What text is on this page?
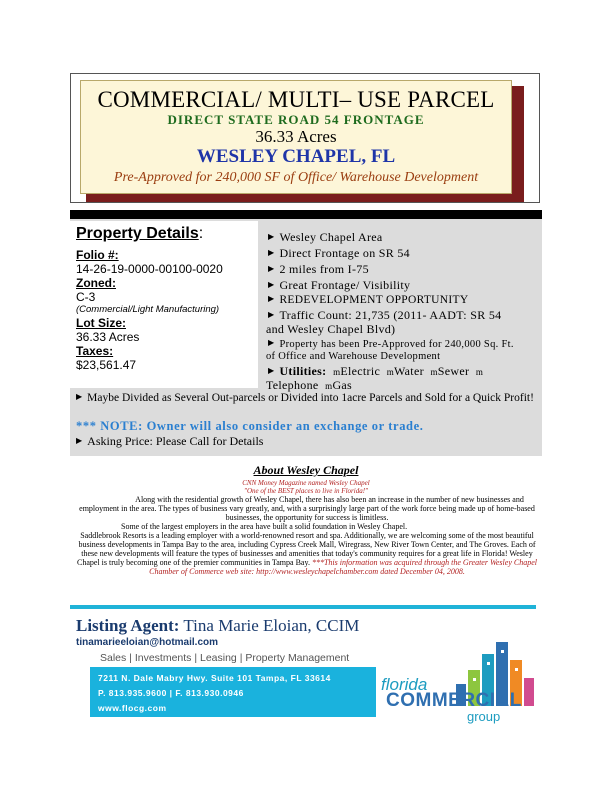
COMMERCIAL/ MULTI– USE PARCEL
DIRECT STATE ROAD 54 FRONTAGE
36.33 Acres
WESLEY CHAPEL, FL
Pre-Approved for 240,000 SF of Office/ Warehouse Development
Property Details:
Folio #:
14-26-19-0000-00100-0020
Zoned:
C-3
(Commercial/Light Manufacturing)
Lot Size:
36.33 Acres
Taxes:
$23,561.47
▶ Wesley Chapel Area
▶ Direct Frontage on SR 54
▶ 2 miles from I-75
▶ Great Frontage/ Visibility
▶ REDEVELOPMENT OPPORTUNITY
▶ Traffic Count: 21,735 (2011- AADT: SR 54
and Wesley Chapel Blvd)
▶ Property has been Pre-Approved for 240,000 Sq. Ft.
of Office and Warehouse Development
▶ Utilities: mElectric mWater mSewer m
Telephone mGas
▶ Maybe Divided as Several Out-parcels or Divided into 1acre Parcels and Sold for a Quick Profit!
*** NOTE: Owner will also consider an exchange or trade.
▶ Asking Price: Please Call for Details
About Wesley Chapel
CNN Money Magazine named Wesley Chapel
"One of the BEST places to live in Florida!"

Along with the residential growth of Wesley Chapel, there has also been an increase in the number of new businesses and employment in the area. The types of business vary greatly, and, with a surprisingly large part of the work force being made up of home-based businesses, the opportunity for success is limitless.

Some of the largest employers in the area have built a solid foundation in Wesley Chapel.

Saddlebrook Resorts is a leading employer with a world-renowned resort and spa. Additionally, we are welcoming some of the most beautiful business developments in Tampa Bay to the area, including Cypress Creek Mall, Wiregrass, New River Town Center, and The Groves. Each of these new developments will feature the types of businesses and amenities that today's community requires for a great life in Florida! Wesley Chapel is truly becoming one of the premier communities in Tampa Bay. ***This information was acquired through the Greater Wesley Chapel Chamber of Commerce web site: http://www.wesleychapelchamber.com dated December 04, 2008.

Listing Agent: Tina Marie Eloian, CCIM
tinamarieeloian@hotmail.com
Sales | Investments | Leasing | Property Management
7211 N. Dale Mabry Hwy. Suite 101 Tampa, FL 33614
P. 813.935.9600 | F. 813.930.0946
www.flocg.com
florida
COMMERCIAL
group
